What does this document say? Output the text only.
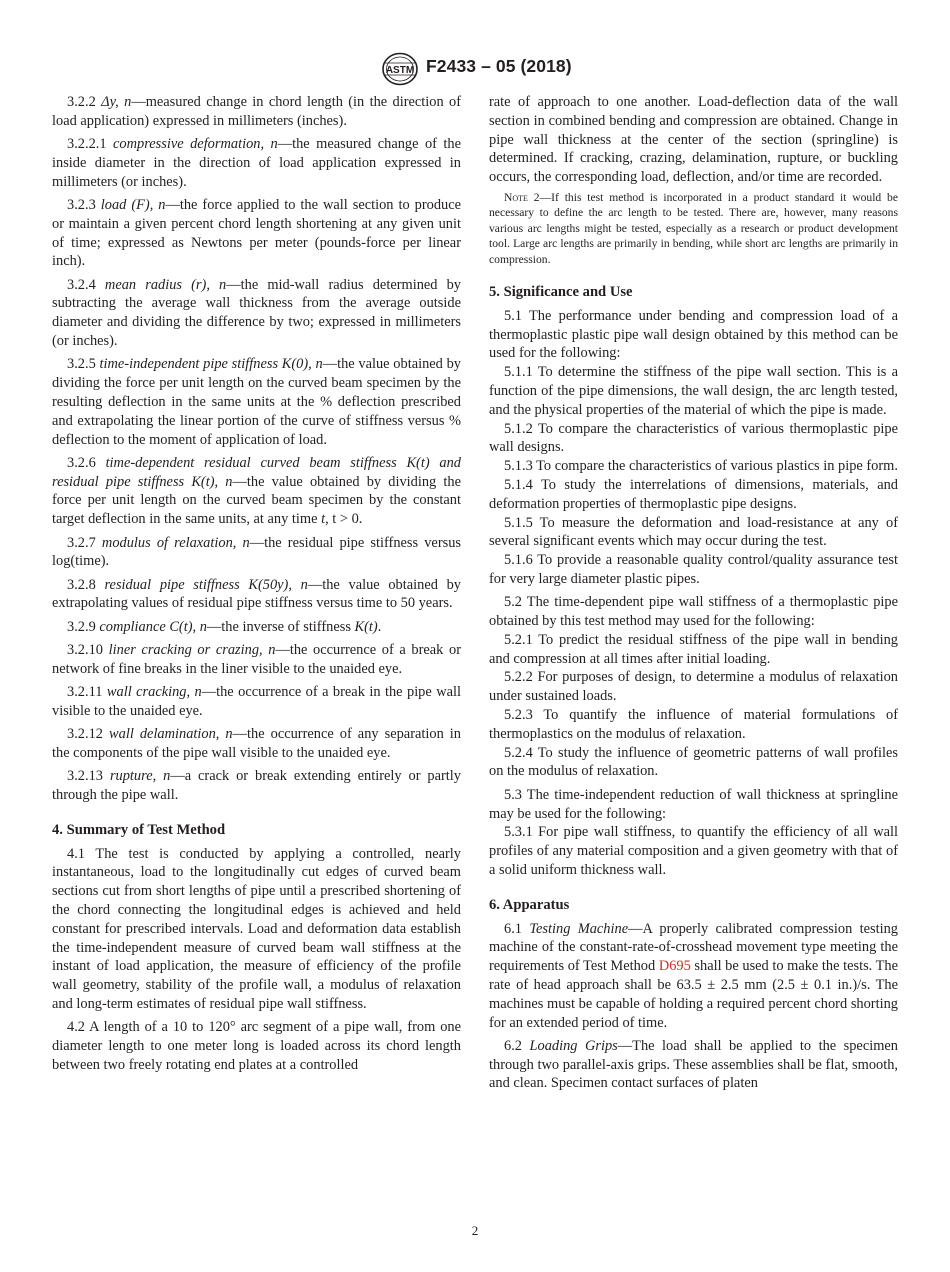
ASTM F2433 – 05 (2018)

3.2.2 Δy, n—measured change in chord length (in the direction of load application) expressed in millimeters (inches).

3.2.2.1 compressive deformation, n—the measured change of the inside diameter in the direction of load application expressed in millimeters (or inches).

3.2.3 load (F), n—the force applied to the wall section to produce or maintain a given percent chord length shortening at any given unit of time; expressed as Newtons per meter (pounds-force per linear inch).

3.2.4 mean radius (r), n—the mid-wall radius determined by subtracting the average wall thickness from the average outside diameter and dividing the difference by two; expressed in millimeters (or inches).

3.2.5 time-independent pipe stiffness K(0), n—the value obtained by dividing the force per unit length on the curved beam specimen by the resulting deflection in the same units at the % deflection prescribed and extrapolating the linear portion of the curve of stiffness versus % deflection to the moment of application of load.

3.2.6 time-dependent residual curved beam stiffness K(t) and residual pipe stiffness K(t), n—the value obtained by dividing the force per unit length on the curved beam specimen by the constant target deflection in the same units, at any time t, t > 0.

3.2.7 modulus of relaxation, n—the residual pipe stiffness versus log(time).

3.2.8 residual pipe stiffness K(50y), n—the value obtained by extrapolating values of residual pipe stiffness versus time to 50 years.

3.2.9 compliance C(t), n—the inverse of stiffness K(t).

3.2.10 liner cracking or crazing, n—the occurrence of a break or network of fine breaks in the liner visible to the unaided eye.

3.2.11 wall cracking, n—the occurrence of a break in the pipe wall visible to the unaided eye.

3.2.12 wall delamination, n—the occurrence of any separation in the components of the pipe wall visible to the unaided eye.

3.2.13 rupture, n—a crack or break extending entirely or partly through the pipe wall.

4. Summary of Test Method

4.1 The test is conducted by applying a controlled, nearly instantaneous, load to the longitudinally cut edges of curved beam sections cut from short lengths of pipe until a prescribed shortening of the chord connecting the longitudinal edges is achieved and held constant for prescribed intervals. Load and deformation data establish the time-independent measure of curved beam wall stiffness at the instant of load application, the measure of efficiency of the profile wall geometry, stability of the profile wall, a modulus of relaxation and long-term estimates of residual pipe wall stiffness.

4.2 A length of a 10 to 120° arc segment of a pipe wall, from one diameter length to one meter long is loaded across its chord length between two freely rotating end plates at a controlled

rate of approach to one another. Load-deflection data of the wall section in combined bending and compression are obtained. Change in pipe wall thickness at the center of the section (springline) is determined. If cracking, crazing, delamination, rupture, or buckling occurs, the corresponding load, deflection, and/or time are recorded.

Note 2—If this test method is incorporated in a product standard it would be necessary to define the arc length to be tested. There are, however, many reasons various arc lengths might be tested, especially as a research or product development tool. Large arc lengths are primarily in bending, while short arc lengths are primarily in compression.
5. Significance and Use

5.1 The performance under bending and compression load of a thermoplastic plastic pipe wall design obtained by this method can be used for the following:

5.1.1 To determine the stiffness of the pipe wall section. This is a function of the pipe dimensions, the wall design, the arc length tested, and the physical properties of the material of which the pipe is made.

5.1.2 To compare the characteristics of various thermoplastic pipe wall designs.

5.1.3 To compare the characteristics of various plastics in pipe form.

5.1.4 To study the interrelations of dimensions, materials, and deformation properties of thermoplastic pipe designs.

5.1.5 To measure the deformation and load-resistance at any of several significant events which may occur during the test.

5.1.6 To provide a reasonable quality control/quality assurance test for very large diameter plastic pipes.

5.2 The time-dependent pipe wall stiffness of a thermoplastic pipe obtained by this test method may used for the following:

5.2.1 To predict the residual stiffness of the pipe wall in bending and compression at all times after initial loading.

5.2.2 For purposes of design, to determine a modulus of relaxation under sustained loads.

5.2.3 To quantify the influence of material formulations of thermoplastics on the modulus of relaxation.

5.2.4 To study the influence of geometric patterns of wall profiles on the modulus of relaxation.

5.3 The time-independent reduction of wall thickness at springline may be used for the following:

5.3.1 For pipe wall stiffness, to quantify the efficiency of all wall profiles of any material composition and a given geometry with that of a solid uniform thickness wall.

6. Apparatus

6.1 Testing Machine—A properly calibrated compression testing machine of the constant-rate-of-crosshead movement type meeting the requirements of Test Method D695 shall be used to make the tests. The rate of head approach shall be 63.5 ± 2.5 mm (2.5 ± 0.1 in.)/s. The machines must be capable of holding a required percent chord shorting for an extended period of time.

6.2 Loading Grips—The load shall be applied to the specimen through two parallel-axis grips. These assemblies shall be flat, smooth, and clean. Specimen contact surfaces of platen

2
